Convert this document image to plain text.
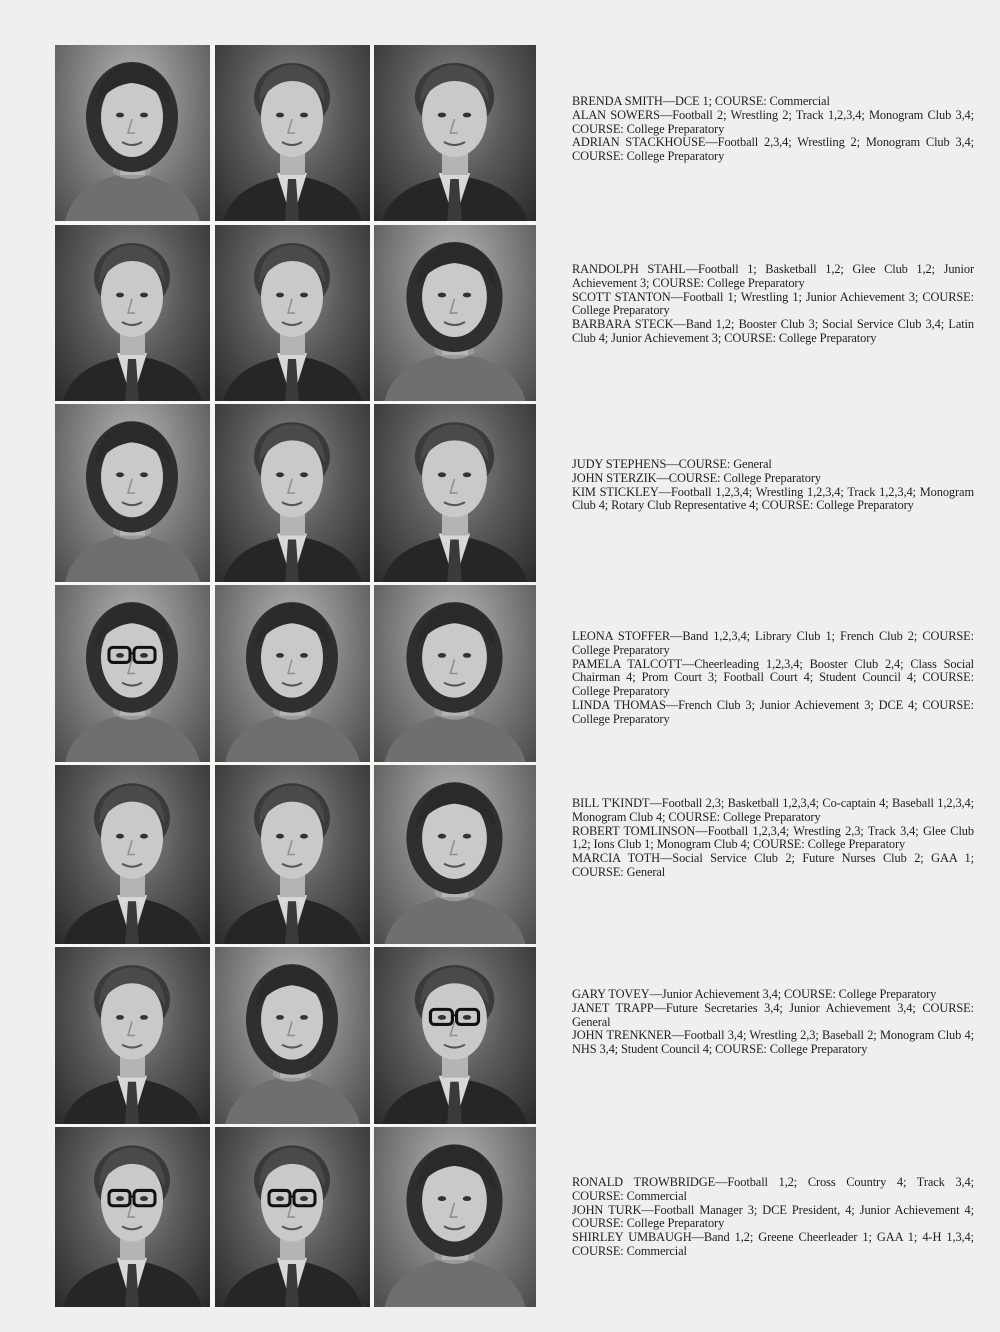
BRENDA SMITH—DCE 1; COURSE: Commercial

ALAN SOWERS—Football 2; Wrestling 2; Track 1,2,3,4; Monogram Club 3,4; COURSE: College Preparatory

ADRIAN STACKHOUSE—Football 2,3,4; Wrestling 2; Monogram Club 3,4; COURSE: College Preparatory

RANDOLPH STAHL—Football 1; Basketball 1,2; Glee Club 1,2; Junior Achievement 3; COURSE: College Preparatory

SCOTT STANTON—Football 1; Wrestling 1; Junior Achievement 3; COURSE: College Preparatory

BARBARA STECK—Band 1,2; Booster Club 3; Social Service Club 3,4; Latin Club 4; Junior Achievement 3; COURSE: College Preparatory

JUDY STEPHENS—COURSE: General

JOHN STERZIK—COURSE: College Preparatory

KIM STICKLEY—Football 1,2,3,4; Wrestling 1,2,3,4; Track 1,2,3,4; Monogram Club 4; Rotary Club Representative 4; COURSE: College Preparatory

LEONA STOFFER—Band 1,2,3,4; Library Club 1; French Club 2; COURSE: College Preparatory

PAMELA TALCOTT—Cheerleading 1,2,3,4; Booster Club 2,4; Class Social Chairman 4; Prom Court 3; Football Court 4; Student Council 4; COURSE: College Preparatory

LINDA THOMAS—French Club 3; Junior Achievement 3; DCE 4; COURSE: College Preparatory

BILL T'KINDT—Football 2,3; Basketball 1,2,3,4; Co-captain 4; Baseball 1,2,3,4; Monogram Club 4; COURSE: College Preparatory

ROBERT TOMLINSON—Football 1,2,3,4; Wrestling 2,3; Track 3,4; Glee Club 1,2; Ions Club 1; Monogram Club 4; COURSE: College Preparatory

MARCIA TOTH—Social Service Club 2; Future Nurses Club 2; GAA 1; COURSE: General

GARY TOVEY—Junior Achievement 3,4; COURSE: College Preparatory

JANET TRAPP—Future Secretaries 3,4; Junior Achievement 3,4; COURSE: General

JOHN TRENKNER—Football 3,4; Wrestling 2,3; Baseball 2; Monogram Club 4; NHS 3,4; Student Council 4; COURSE: College Preparatory

RONALD TROWBRIDGE—Football 1,2; Cross Country 4; Track 3,4; COURSE: Commercial

JOHN TURK—Football Manager 3; DCE President, 4; Junior Achievement 4; COURSE: College Preparatory

SHIRLEY UMBAUGH—Band 1,2; Greene Cheerleader 1; GAA 1; 4-H 1,3,4; COURSE: Commercial
